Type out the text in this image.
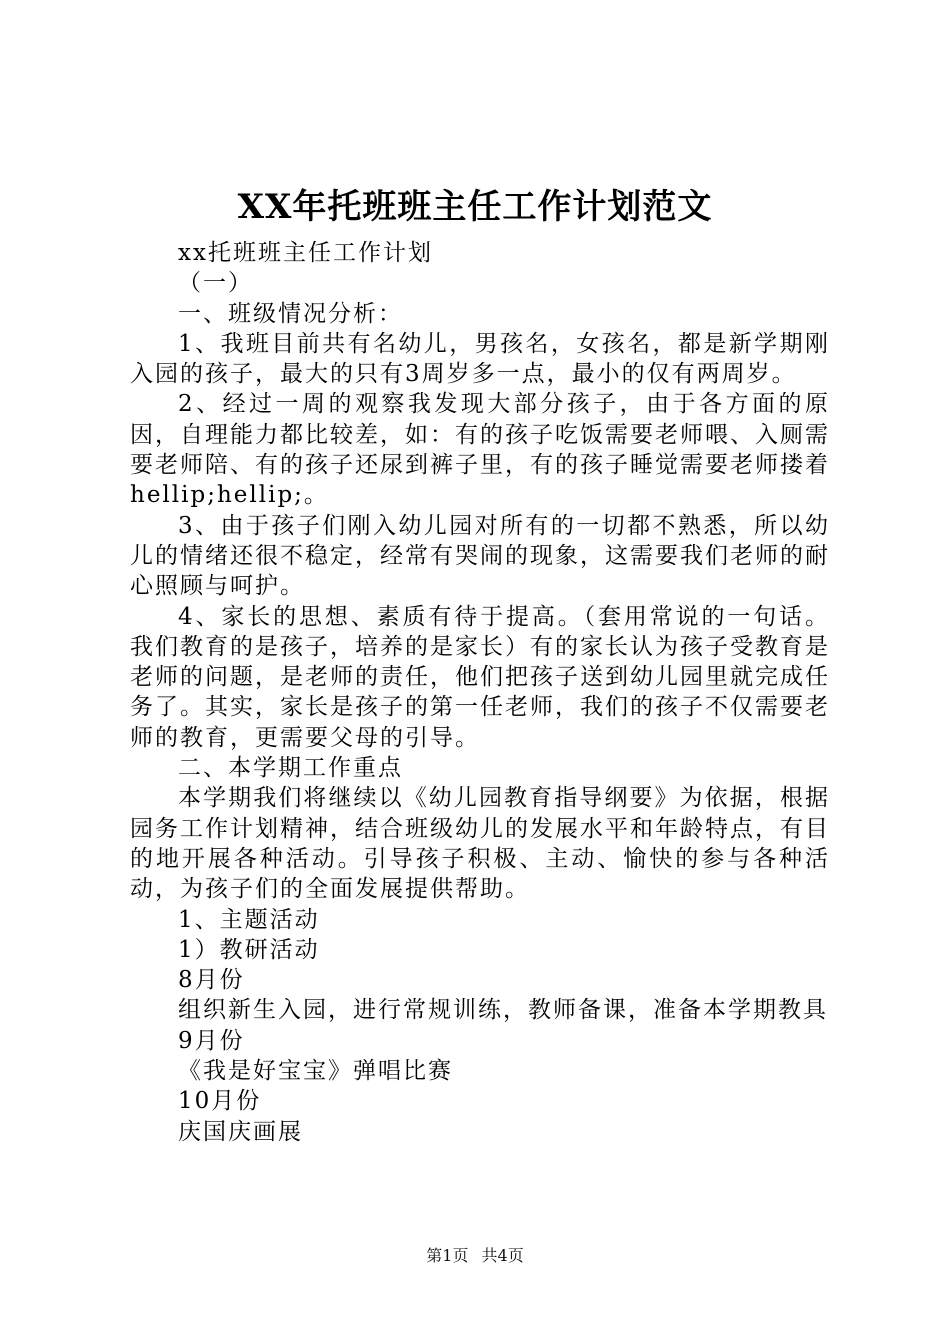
XX年托班班主任工作计划范文

xx托班班主任工作计划

（一）

一、班级情况分析：

1、我班目前共有名幼儿，男孩名，女孩名，都是新学期刚入园的孩子，最大的只有3周岁多一点，最小的仅有两周岁。

2、经过一周的观察我发现大部分孩子，由于各方面的原因，自理能力都比较差，如：有的孩子吃饭需要老师喂、入厕需要老师陪、有的孩子还尿到裤子里，有的孩子睡觉需要老师搂着hellip;hellip;。

3、由于孩子们刚入幼儿园对所有的一切都不熟悉，所以幼儿的情绪还很不稳定，经常有哭闹的现象，这需要我们老师的耐心照顾与呵护。

4、家长的思想、素质有待于提高。（套用常说的一句话。我们教育的是孩子，培养的是家长）有的家长认为孩子受教育是老师的问题，是老师的责任，他们把孩子送到幼儿园里就完成任务了。其实，家长是孩子的第一任老师，我们的孩子不仅需要老师的教育，更需要父母的引导。

二、本学期工作重点

本学期我们将继续以《幼儿园教育指导纲要》为依据，根据园务工作计划精神，结合班级幼儿的发展水平和年龄特点，有目的地开展各种活动。引导孩子积极、主动、愉快的参与各种活动，为孩子们的全面发展提供帮助。

1、主题活动

1）教研活动

8月份

组织新生入园，进行常规训练，教师备课，准备本学期教具

9月份

《我是好宝宝》弹唱比赛

10月份

庆国庆画展

第1页 共4页
